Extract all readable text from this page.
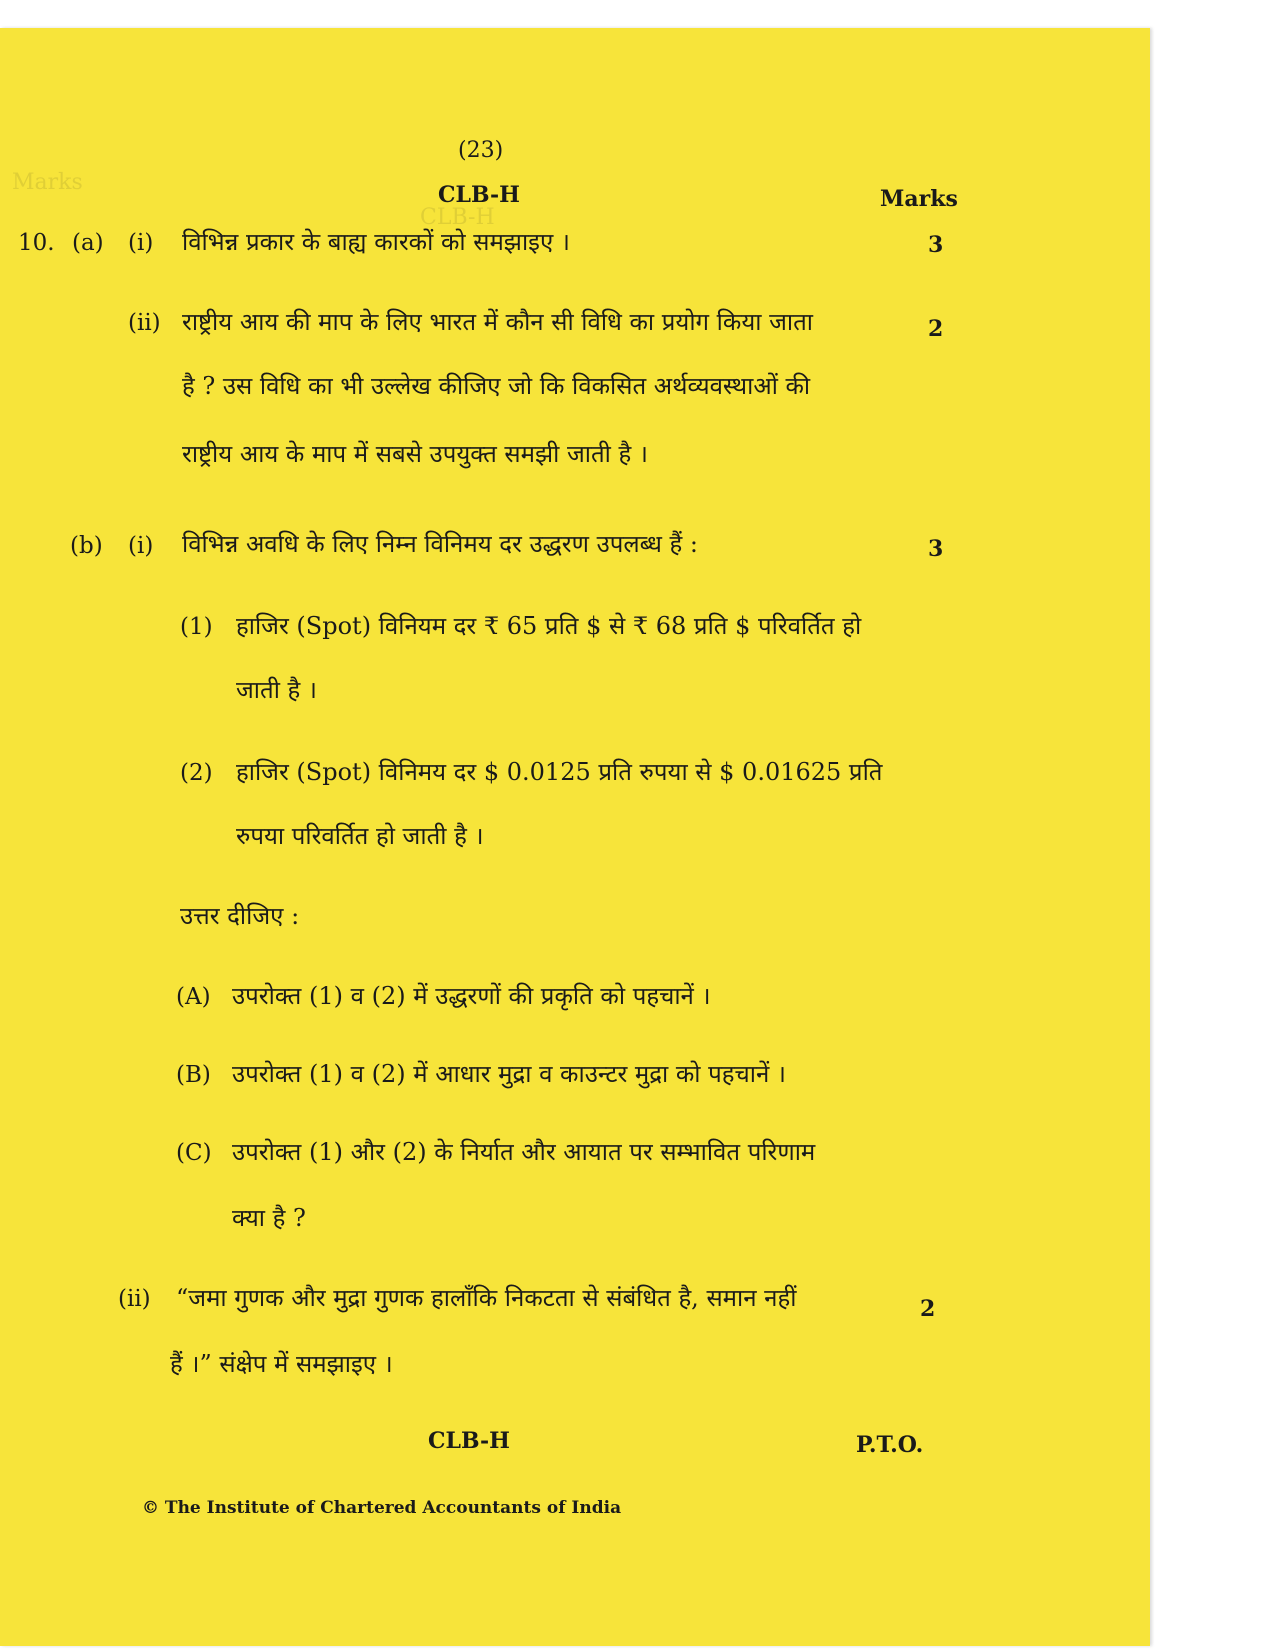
Marks
CLB-H
(23)
CLB-H	Marks
10. (a) (i) विभिन्न प्रकार के बाह्य कारकों को समझाइए ।	3
(ii) राष्ट्रीय आय की माप के लिए भारत में कौन सी विधि का प्रयोग किया जाता	2
है ? उस विधि का भी उल्लेख कीजिए जो कि विकसित अर्थव्यवस्थाओं की
राष्ट्रीय आय के माप में सबसे उपयुक्त समझी जाती है ।
(b) (i) विभिन्न अवधि के लिए निम्न विनिमय दर उद्धरण उपलब्ध हैं :	3
(1) हाजिर (Spot) विनियम दर ₹ 65 प्रति $ से ₹ 68 प्रति $ परिवर्तित हो
जाती है ।
(2) हाजिर (Spot) विनिमय दर $ 0.0125 प्रति रुपया से $ 0.01625 प्रति
रुपया परिवर्तित हो जाती है ।
उत्तर दीजिए :
(A) उपरोक्त (1) व (2) में उद्धरणों की प्रकृति को पहचानें ।
(B) उपरोक्त (1) व (2) में आधार मुद्रा व काउन्टर मुद्रा को पहचानें ।
(C) उपरोक्त (1) और (2) के निर्यात और आयात पर सम्भावित परिणाम
क्या है ?
(ii) “जमा गुणक और मुद्रा गुणक हालाँकि निकटता से संबंधित है, समान नहीं	2
हैं ।” संक्षेप में समझाइए ।
CLB-H	P.T.O.
© The Institute of Chartered Accountants of India
